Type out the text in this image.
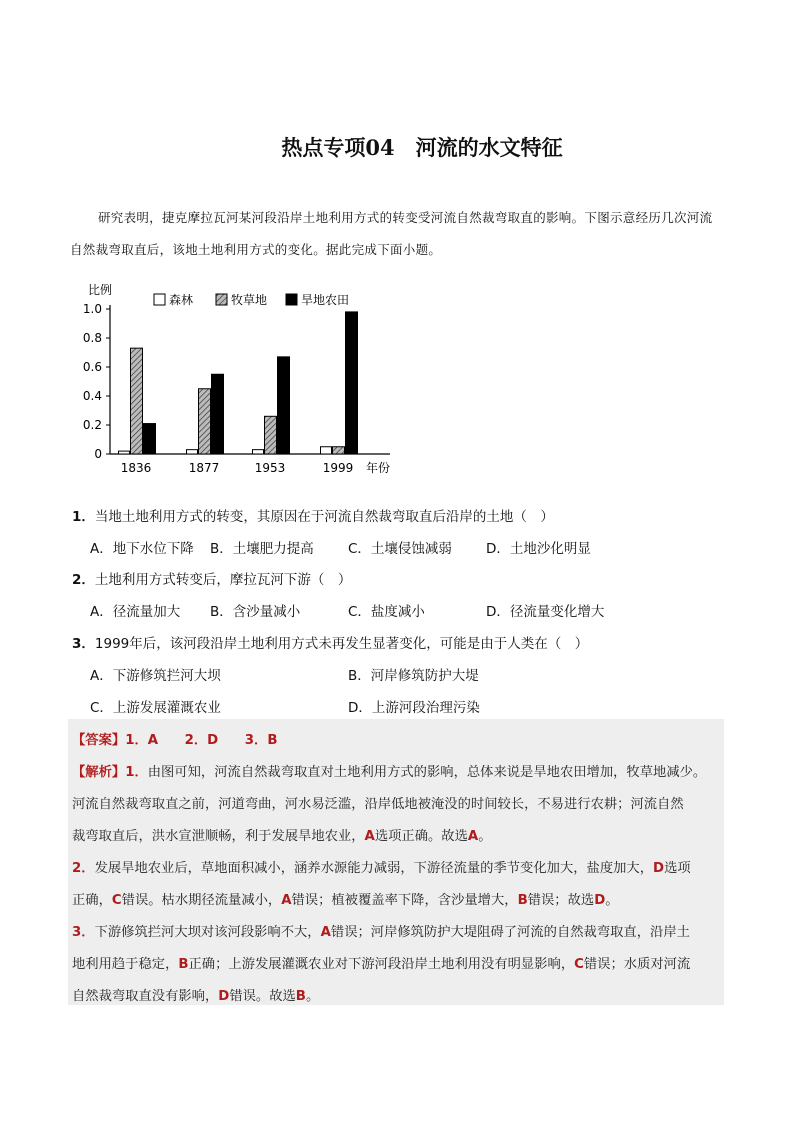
热点专项04　河流的水文特征
研究表明，捷克摩拉瓦河某河段沿岸土地利用方式的转变受河流自然裁弯取直的影响。下图示意经历几次河流自然裁弯取直后，该地土地利用方式的变化。据此完成下面小题。
1.0
0.8
0.6
0.4
0.2
0
比例
1836	1877	1953	1999 年份
森林	牧草地	旱地农田
1．当地土地利用方式的转变，其原因在于河流自然裁弯取直后沿岸的土地（　）
A．地下水位下降 B．土壤肥力提高	C．土壤侵蚀减弱	D．土地沙化明显
2．土地利用方式转变后，摩拉瓦河下游（　）
A．径流量加大 B．含沙量减小	C．盐度减小	D．径流量变化增大
3．1999年后，该河段沿岸土地利用方式未再发生显著变化，可能是由于人类在（　）
A．下游修筑拦河大坝	B．河岸修筑防护大堤
C．上游发展灌溉农业	D．上游河段治理污染
【答案】1．A　　2．D　　3．B
【解析】1．由图可知，河流自然裁弯取直对土地利用方式的影响，总体来说是旱地农田增加，牧草地减少。
河流自然裁弯取直之前，河道弯曲，河水易泛滥，沿岸低地被淹没的时间较长，不易进行农耕；河流自然
裁弯取直后，洪水宣泄顺畅，利于发展旱地农业，A选项正确。故选A。
2．发展旱地农业后，草地面积减小，涵养水源能力减弱，下游径流量的季节变化加大，盐度加大，D选项
正确，C错误。枯水期径流量减小，A错误；植被覆盖率下降，含沙量增大，B错误；故选D。
3．下游修筑拦河大坝对该河段影响不大，A错误；河岸修筑防护大堤阻碍了河流的自然裁弯取直，沿岸土
地利用趋于稳定，B正确；上游发展灌溉农业对下游河段沿岸土地利用没有明显影响，C错误；水质对河流
自然裁弯取直没有影响，D错误。故选B。
